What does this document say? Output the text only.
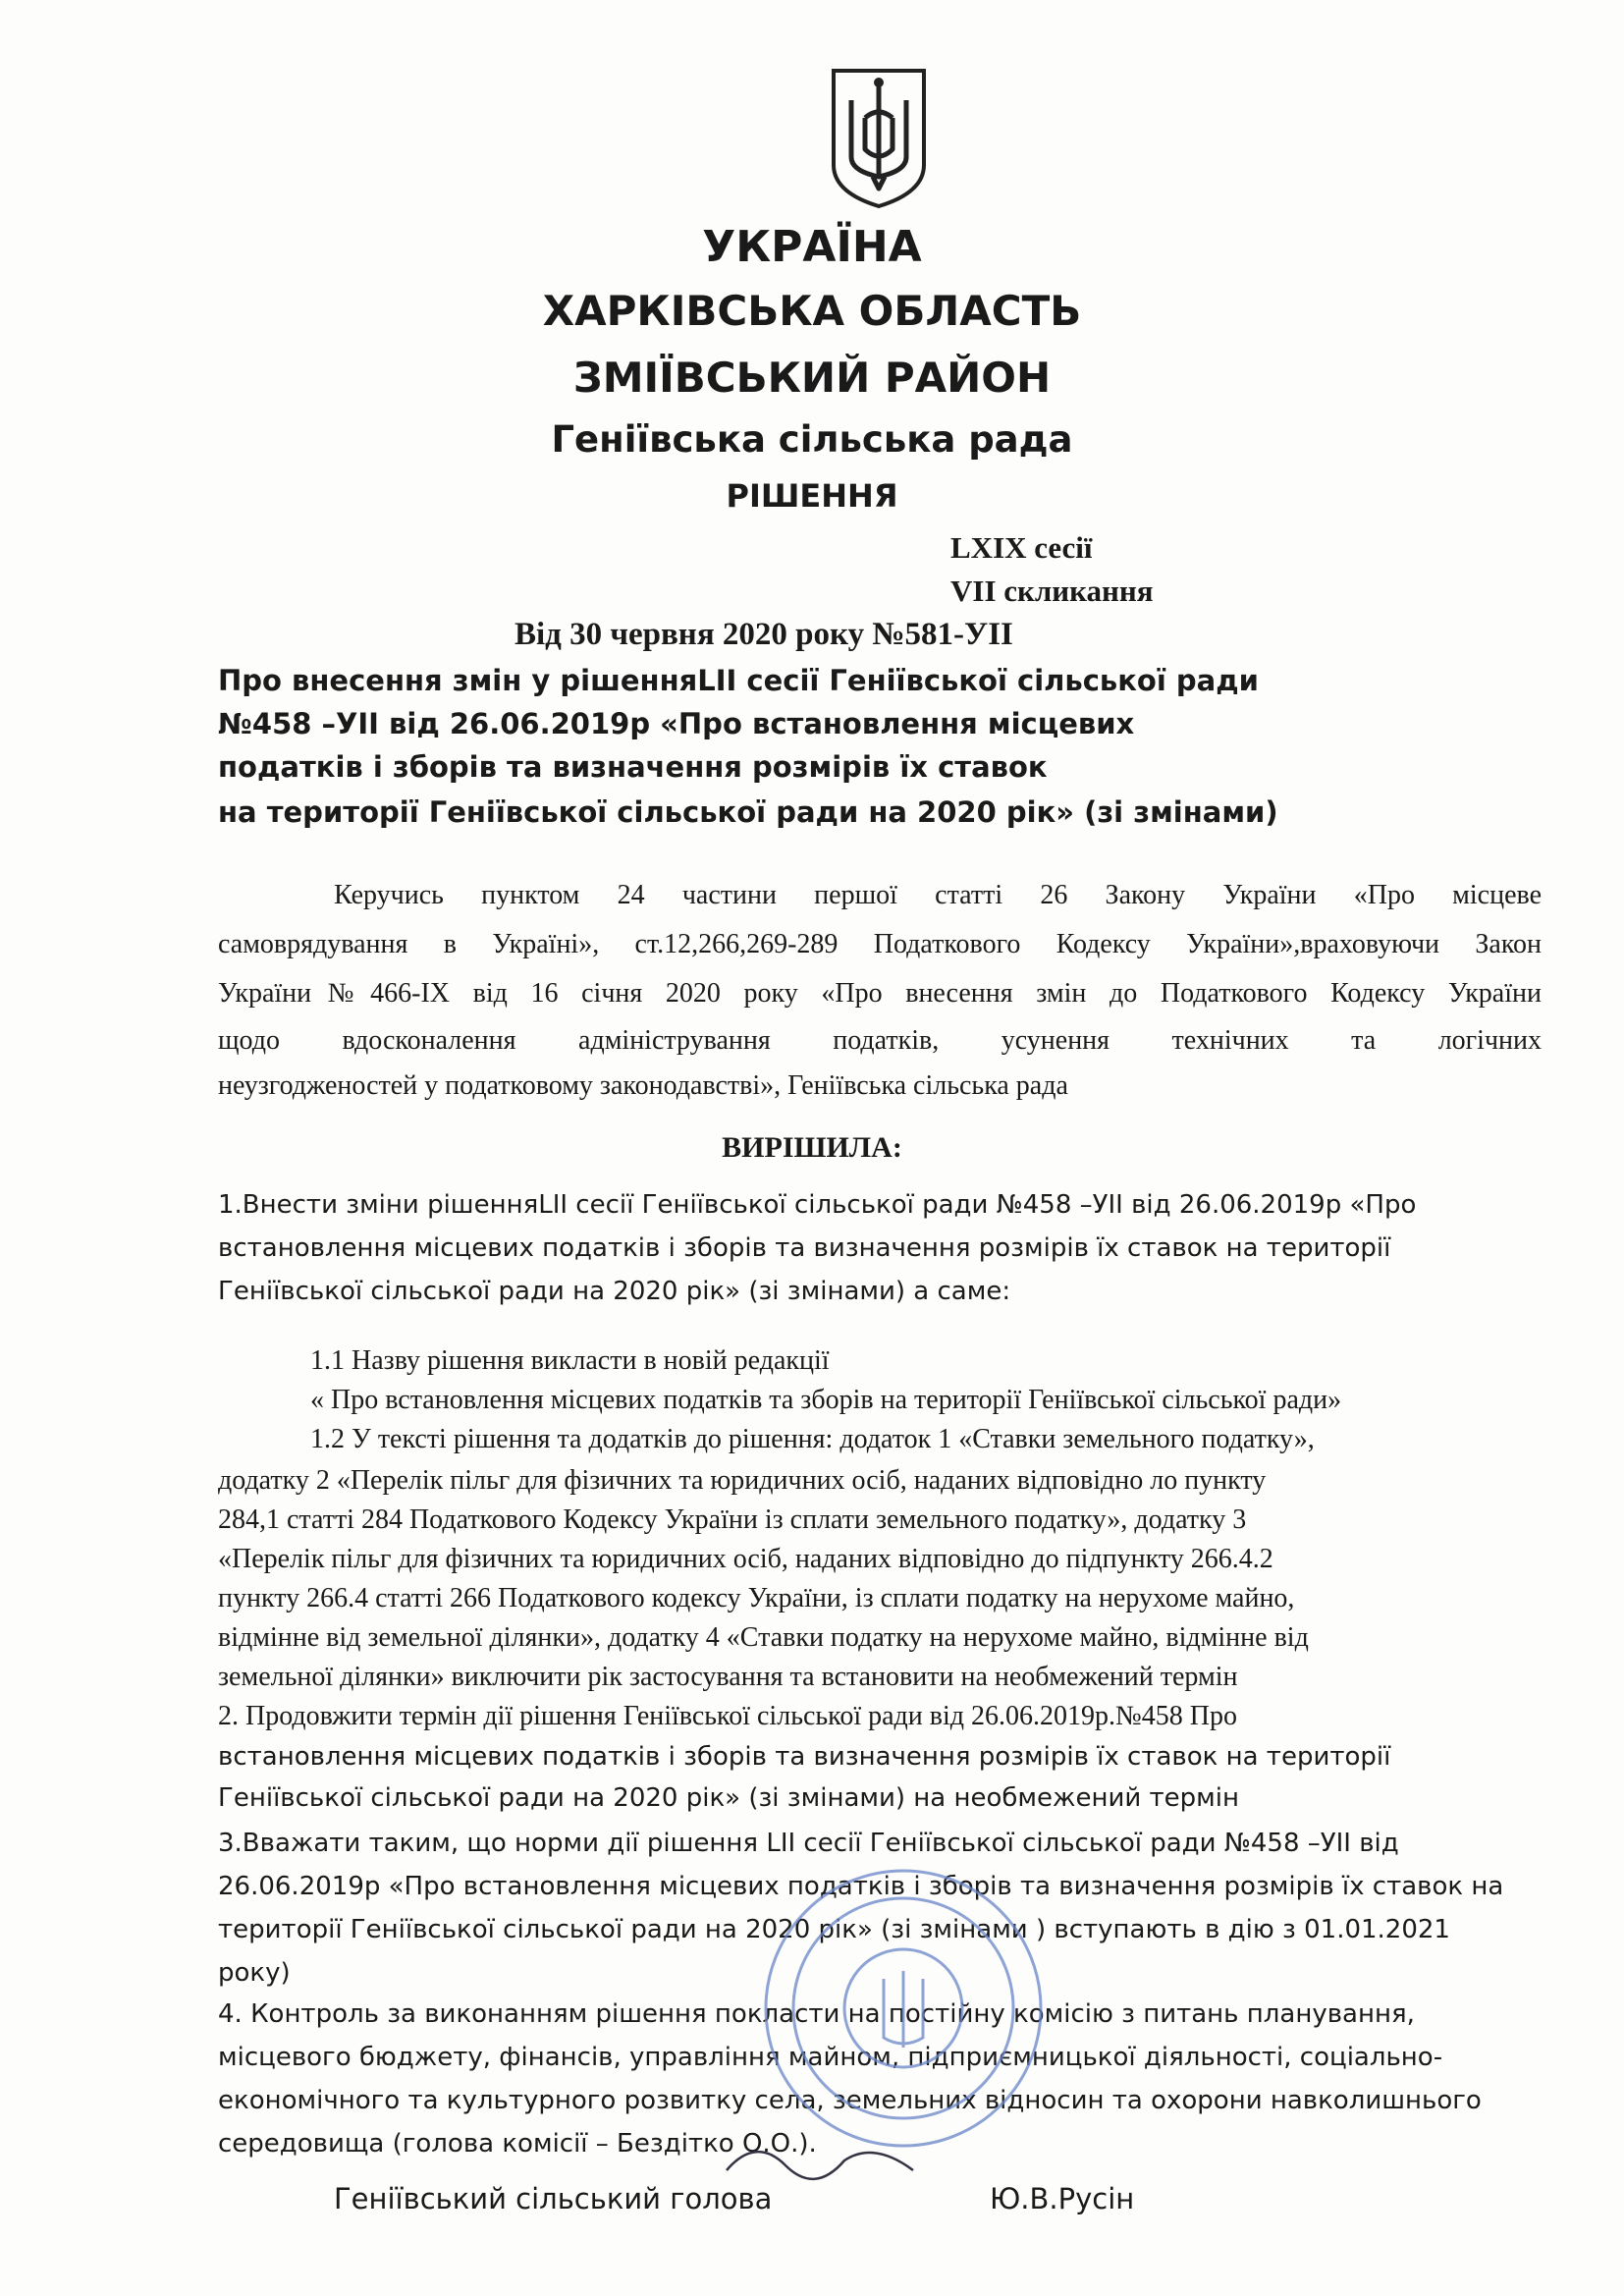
УКРАЇНА
ХАРКІВСЬКА ОБЛАСТЬ
ЗМІЇВСЬКИЙ РАЙОН
Геніївська сільська рада
РІШЕННЯ
LXIX сесії
VII скликання
Від 30 червня 2020 року №581-УІІ
Про внесення змін у рішенняLІІ сесії Геніївської сільської ради
№458 –УІІ від 26.06.2019р «Про встановлення місцевих
податків і зборів та визначення розмірів їх ставок
на території Геніївської сільської ради на 2020 рік» (зі змінами)
Керучись пунктом 24 частини першої статті 26 Закону України «Про місцеве
самоврядування в Україні», ст.12,266,269-289 Податкового Кодексу України»,враховуючи Закон
України№466-IX від 16 січня 2020 року «Про внесення змін до Податкового Кодексу України
щодо вдосконалення адміністрування податків, усунення технічних та логічних
неузгодженостей у податковому законодавстві», Геніївська сільська рада
ВИРІШИЛА:
1.Внести зміни рішенняLІІ сесії Геніївської сільської ради №458 –УІІ від 26.06.2019р «Про
встановлення місцевих податків і зборів та визначення розмірів їх ставок на території
Геніївської сільської ради на 2020 рік» (зі змінами) а саме:
1.1 Назву рішення викласти в новій редакції
« Про встановлення місцевих податків та зборів на території Геніївської сільської ради»
1.2 У тексті рішення та додатків до рішення: додаток 1 «Ставки земельного податку»,
додатку 2 «Перелік пільг для фізичних та юридичних осіб, наданих відповідно ло пункту
284,1 статті 284 Податкового Кодексу України із сплати земельного податку», додатку 3
«Перелік пільг для фізичних та юридичних осіб, наданих відповідно до підпункту 266.4.2
пункту 266.4 статті 266 Податкового кодексу України, із сплати податку на нерухоме майно,
відмінне від земельної ділянки», додатку 4 «Ставки податку на нерухоме майно, відмінне від
земельної ділянки» виключити рік застосування та встановити на необмежений термін
2. Продовжити термін дії рішення Геніївської сільської ради від 26.06.2019р.№458 Про
встановлення місцевих податків і зборів та визначення розмірів їх ставок на території
Геніївської сільської ради на 2020 рік» (зі змінами) на необмежений термін
3.Вважати таким, що норми дії рішення LІІ сесії Геніївської сільської ради №458 –УІІ від
26.06.2019р «Про встановлення місцевих податків і зборів та визначення розмірів їх ставок на
території Геніївської сільської ради на 2020 рік» (зі змінами ) вступають в дію з 01.01.2021
року)
4. Контроль за виконанням рішення покласти на постійну комісію з питань планування,
місцевого бюджету, фінансів, управління майном, підприємницької діяльності, соціально-
економічного та культурного розвитку села, земельних відносин та охорони навколишнього
середовища (голова комісії – Бездітко О.О.).
Геніївський сільський голова	Ю.В.Русін
